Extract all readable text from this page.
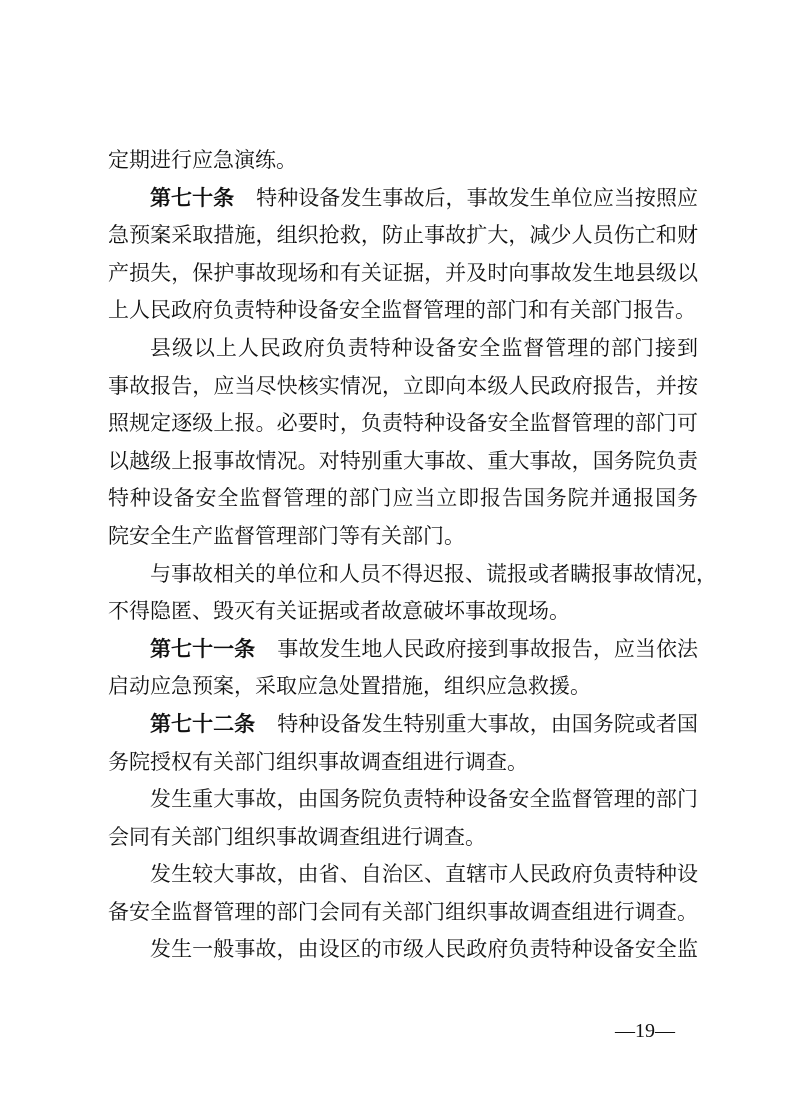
定期进行应急演练。
第七十条 特种设备发生事故后，事故发生单位应当按照应
急预案采取措施，组织抢救，防止事故扩大，减少人员伤亡和财
产损失，保护事故现场和有关证据，并及时向事故发生地县级以
上人民政府负责特种设备安全监督管理的部门和有关部门报告。
县级以上人民政府负责特种设备安全监督管理的部门接到
事故报告，应当尽快核实情况，立即向本级人民政府报告，并按
照规定逐级上报。必要时，负责特种设备安全监督管理的部门可
以越级上报事故情况。对特别重大事故、重大事故，国务院负责
特种设备安全监督管理的部门应当立即报告国务院并通报国务
院安全生产监督管理部门等有关部门。
与事故相关的单位和人员不得迟报、谎报或者瞒报事故情况，
不得隐匿、毁灭有关证据或者故意破坏事故现场。
第七十一条 事故发生地人民政府接到事故报告，应当依法
启动应急预案，采取应急处置措施，组织应急救援。
第七十二条 特种设备发生特别重大事故，由国务院或者国
务院授权有关部门组织事故调查组进行调查。
发生重大事故，由国务院负责特种设备安全监督管理的部门
会同有关部门组织事故调查组进行调查。
发生较大事故，由省、自治区、直辖市人民政府负责特种设
备安全监督管理的部门会同有关部门组织事故调查组进行调查。
发生一般事故，由设区的市级人民政府负责特种设备安全监
—19—
